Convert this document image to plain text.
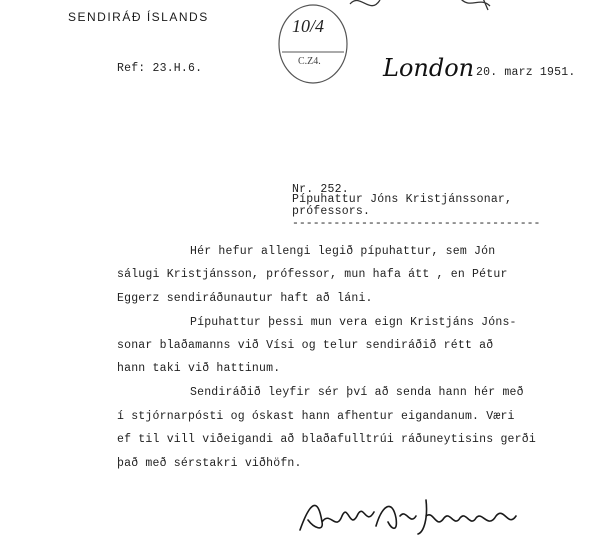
SENDIRÁÐ ÍSLANDS
Ref: 23.H.6.
10/4
C.Z4.	London 20. marz 1951.
Nr. 252.
Pípuhattur Jóns Kristjánssonar,
prófessors.
------------------------------------
Hér hefur allengi legið pípuhattur, sem Jón
sálugi Kristjánsson, prófessor, mun hafa átt , en Pétur
Eggerz sendiráðunautur haft að láni.
Pípuhattur þessi mun vera eign Kristjáns Jóns-
sonar blaðamanns við Vísi og telur sendiráðið rétt að
hann taki við hattinum.
Sendiráðið leyfir sér því að senda hann hér með
í stjórnarpósti og óskast hann afhentur eigandanum. Væri
ef til vill viðeigandi að blaðafulltrúi ráðuneytisins gerði
það með sérstakri viðhöfn.
